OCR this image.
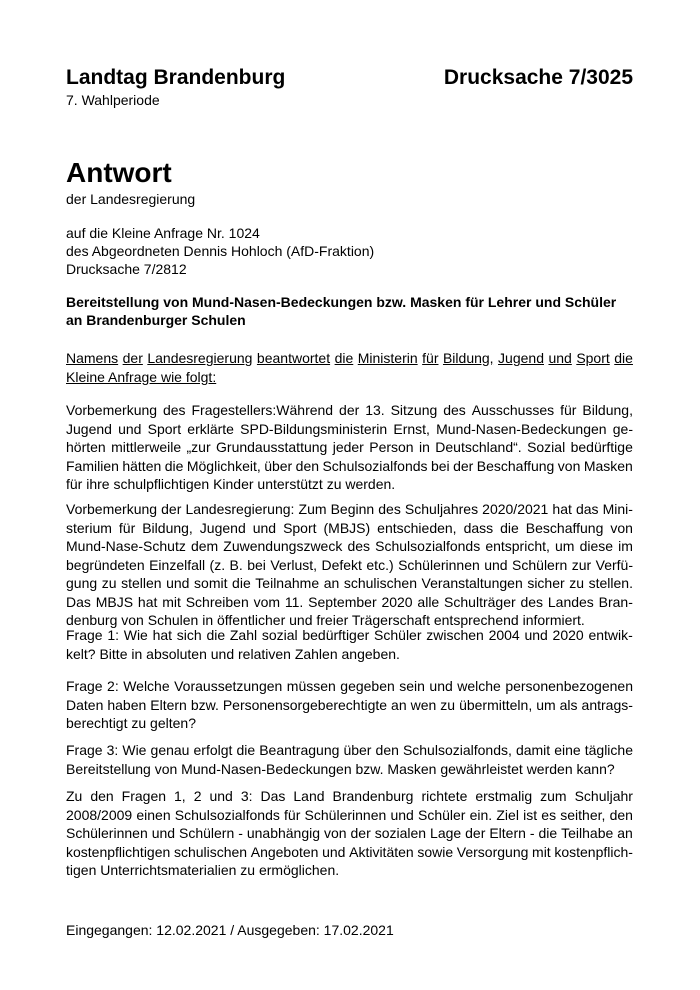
Landtag Brandenburg	Drucksache 7/3025
7. Wahlperiode
Antwort
der Landesregierung
auf die Kleine Anfrage Nr. 1024
des Abgeordneten Dennis Hohloch (AfD-Fraktion)
Drucksache 7/2812
Bereitstellung von Mund-Nasen-Bedeckungen bzw. Masken für Lehrer und Schüler
an Brandenburger Schulen
Namens der Landesregierung beantwortet die Ministerin für Bildung, Jugend und Sport die
Kleine Anfrage wie folgt:
Vorbemerkung des Fragestellers:Während der 13. Sitzung des Ausschusses für Bildung,
Jugend und Sport erklärte SPD-Bildungsministerin Ernst, Mund-Nasen-Bedeckungen ge-
hörten mittlerweile „zur Grundausstattung jeder Person in Deutschland“. Sozial bedürftige
Familien hätten die Möglichkeit, über den Schulsozialfonds bei der Beschaffung von Masken
für ihre schulpflichtigen Kinder unterstützt zu werden.
Vorbemerkung der Landesregierung: Zum Beginn des Schuljahres 2020/2021 hat das Mini-
sterium für Bildung, Jugend und Sport (MBJS) entschieden, dass die Beschaffung von
Mund-Nase-Schutz dem Zuwendungszweck des Schulsozialfonds entspricht, um diese im
begründeten Einzelfall (z. B. bei Verlust, Defekt etc.) Schülerinnen und Schülern zur Verfü-
gung zu stellen und somit die Teilnahme an schulischen Veranstaltungen sicher zu stellen.
Das MBJS hat mit Schreiben vom 11. September 2020 alle Schulträger des Landes Bran-
denburg von Schulen in öffentlicher und freier Trägerschaft entsprechend informiert.
Frage 1: Wie hat sich die Zahl sozial bedürftiger Schüler zwischen 2004 und 2020 entwik-
kelt? Bitte in absoluten und relativen Zahlen angeben.
Frage 2: Welche Voraussetzungen müssen gegeben sein und welche personenbezogenen
Daten haben Eltern bzw. Personensorgeberechtigte an wen zu übermitteln, um als antrags-
berechtigt zu gelten?
Frage 3: Wie genau erfolgt die Beantragung über den Schulsozialfonds, damit eine tägliche
Bereitstellung von Mund-Nasen-Bedeckungen bzw. Masken gewährleistet werden kann?
Zu den Fragen 1, 2 und 3: Das Land Brandenburg richtete erstmalig zum Schuljahr
2008/2009 einen Schulsozialfonds für Schülerinnen und Schüler ein. Ziel ist es seither, den
Schülerinnen und Schülern - unabhängig von der sozialen Lage der Eltern - die Teilhabe an
kostenpflichtigen schulischen Angeboten und Aktivitäten sowie Versorgung mit kostenpflich-
tigen Unterrichtsmaterialien zu ermöglichen.
Eingegangen: 12.02.2021 / Ausgegeben: 17.02.2021
